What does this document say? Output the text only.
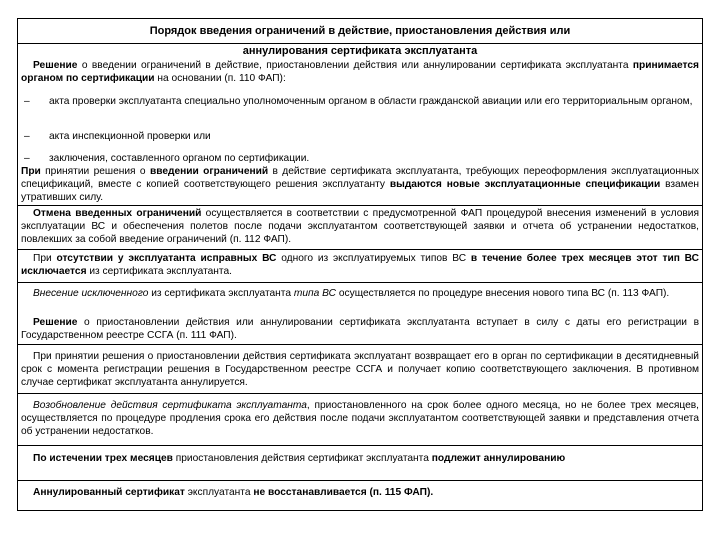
Порядок введения ограничений в действие, приостановления действия или
аннулирования сертификата эксплуатанта
Решение о введении ограничений в действие, приостановлении действия или аннулировании сертификата эксплуатанта принимается органом по сертификации на основании (п. 110 ФАП):
– акта проверки эксплуатанта специально уполномоченным органом в области гражданской авиации или его территориальным органом,
– акта инспекционной проверки или
– заключения, составленного органом по сертификации.
При принятии решения о введении ограничений в действие сертификата эксплуатанта, требующих переоформления эксплуатационных спецификаций, вместе с копией соответствующего решения эксплуатанту выдаются новые эксплуатационные спецификации взамен утративших силу.
Отмена введенных ограничений осуществляется в соответствии с предусмотренной ФАП процедурой внесения изменений в условия эксплуатации ВС и обеспечения полетов после подачи эксплуатантом соответствующей заявки и отчета об устранении недостатков, повлекших за собой введение ограничений (п. 112 ФАП).
При отсутствии у эксплуатанта исправных ВС одного из эксплуатируемых типов ВС в течение более трех месяцев этот тип ВС исключается из сертификата эксплуатанта.
Внесение исключенного из сертификата эксплуатанта типа ВС осуществляется по процедуре внесения нового типа ВС (п. 113 ФАП).
Решение о приостановлении действия или аннулировании сертификата эксплуатанта вступает в силу с даты его регистрации в Государственном реестре ССГА (п. 111 ФАП).
При принятии решения о приостановлении действия сертификата эксплуатант возвращает его в орган по сертификации в десятидневный срок с момента регистрации решения в Государственном реестре ССГА и получает копию соответствующего заключения. В противном случае сертификат эксплуатанта аннулируется.
Возобновление действия сертификата эксплуатанта, приостановленного на срок более одного месяца, но не более трех месяцев, осуществляется по процедуре продления срока его действия после подачи эксплуатантом соответствующей заявки и представления отчета об устранении недостатков.
По истечении трех месяцев приостановления действия сертификат эксплуатанта подлежит аннулированию
Аннулированный сертификат эксплуатанта не восстанавливается (п. 115 ФАП).
